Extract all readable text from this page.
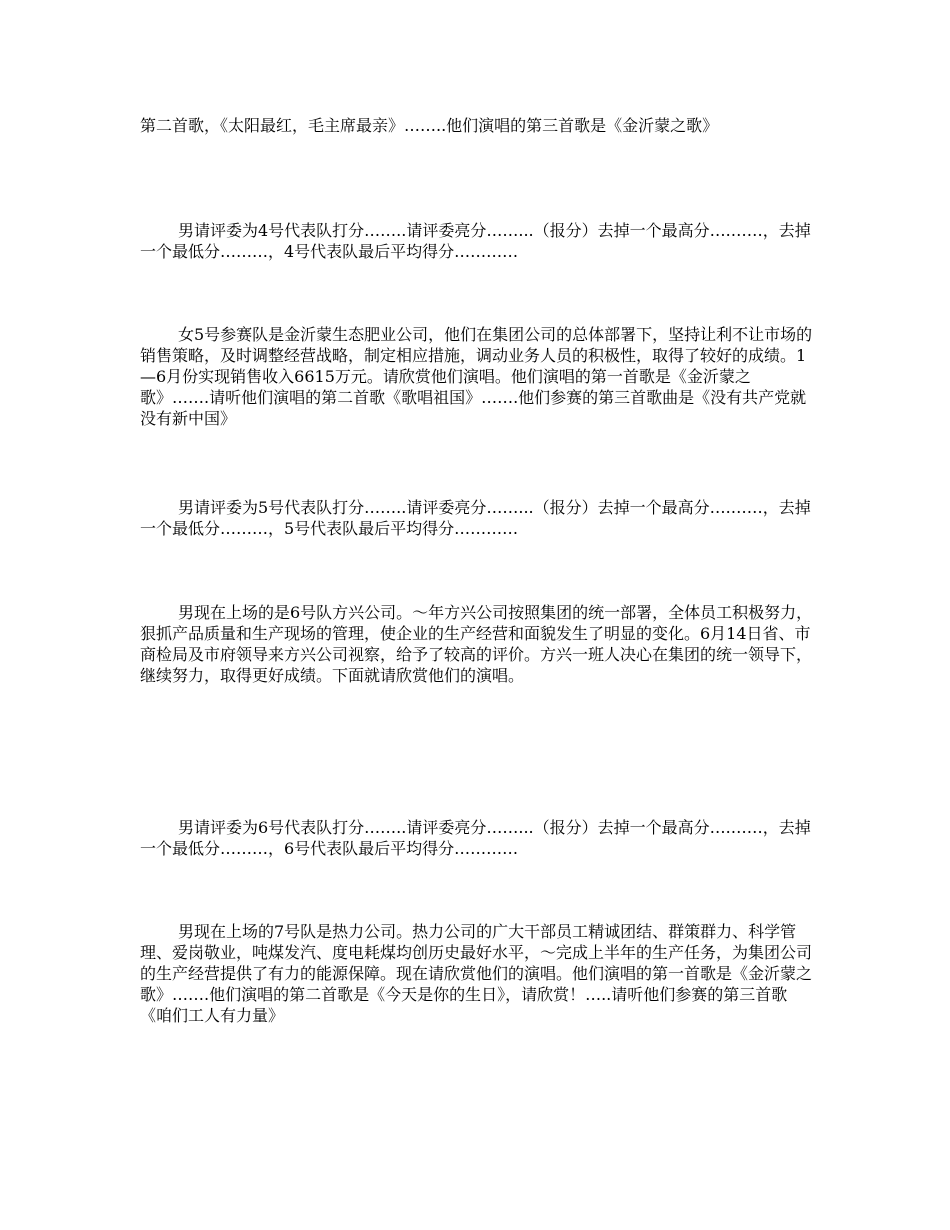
第二首歌，《太阳最红，毛主席最亲》……..他们演唱的第三首歌是《金沂蒙之歌》

男请评委为4号代表队打分……..请评委亮分……...（报分）去掉一个最高分….……，去掉一个最低分………，4号代表队最后平均得分…………

女5号参赛队是金沂蒙生态肥业公司，他们在集团公司的总体部署下，坚持让利不让市场的销售策略，及时调整经营战略，制定相应措施，调动业务人员的积极性，取得了较好的成绩。1—6月份实现销售收入6615万元。请欣赏他们演唱。他们演唱的第一首歌是《金沂蒙之歌》…….请听他们演唱的第二首歌《歌唱祖国》…….他们参赛的第三首歌曲是《没有共产党就没有新中国》

男请评委为5号代表队打分……..请评委亮分……...（报分）去掉一个最高分….……，去掉一个最低分………，5号代表队最后平均得分…………

男现在上场的是6号队方兴公司。～年方兴公司按照集团的统一部署，全体员工积极努力，狠抓产品质量和生产现场的管理，使企业的生产经营和面貌发生了明显的变化。6月14日省、市商检局及市府领导来方兴公司视察，给予了较高的评价。方兴一班人决心在集团的统一领导下，继续努力，取得更好成绩。下面就请欣赏他们的演唱。

男请评委为6号代表队打分……..请评委亮分……...（报分）去掉一个最高分….……，去掉一个最低分………，6号代表队最后平均得分…………

男现在上场的7号队是热力公司。热力公司的广大干部员工精诚团结、群策群力、科学管理、爱岗敬业，吨煤发汽、度电耗煤均创历史最好水平，～完成上半年的生产任务，为集团公司的生产经营提供了有力的能源保障。现在请欣赏他们的演唱。他们演唱的第一首歌是《金沂蒙之歌》…….他们演唱的第二首歌是《今天是你的生日》，请欣赏！…..请听他们参赛的第三首歌《咱们工人有力量》
